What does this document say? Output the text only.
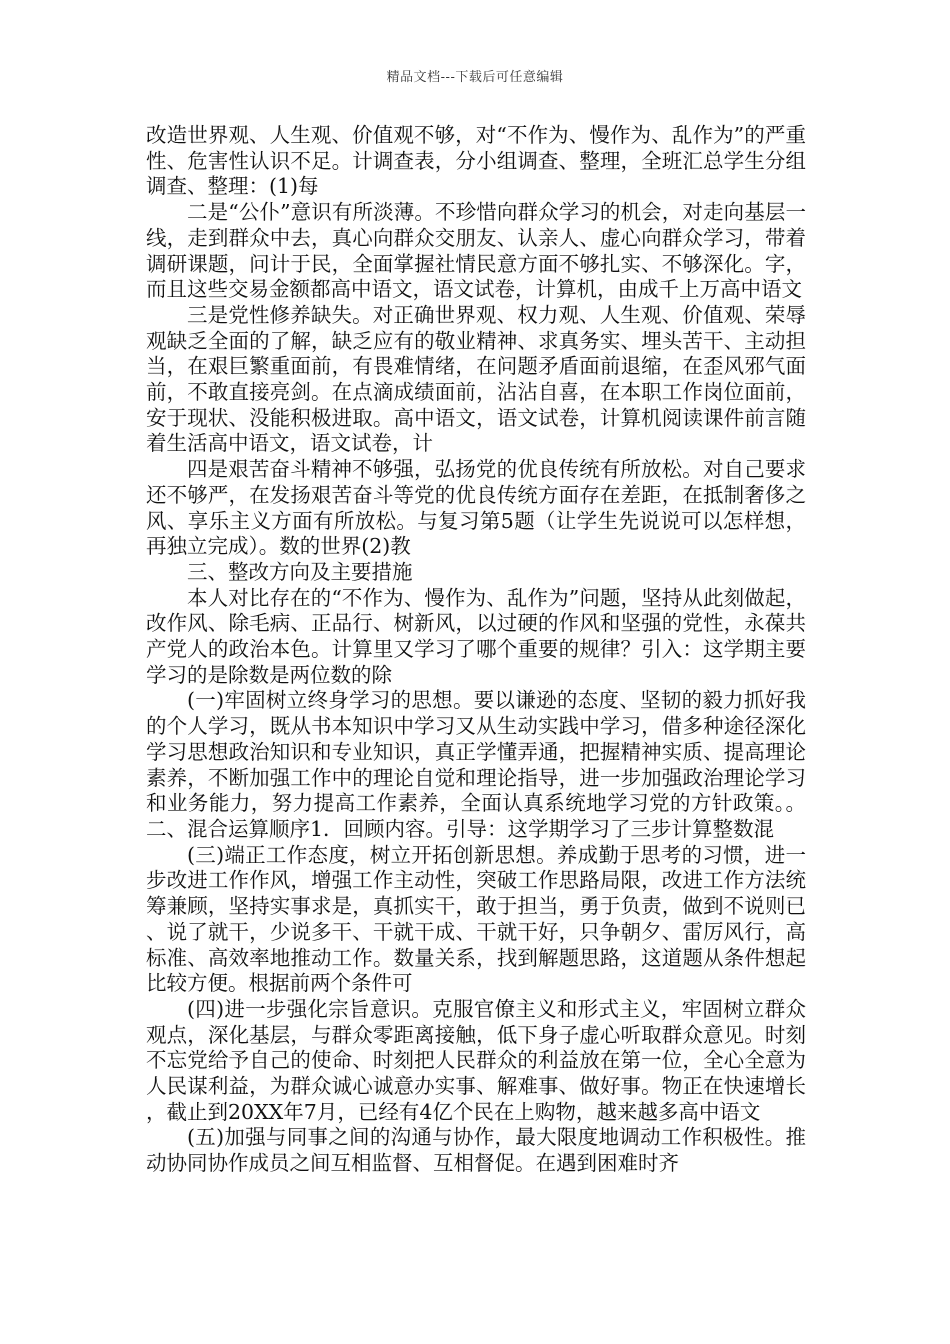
精品文档---下载后可任意编辑

改造世界观、人生观、价值观不够，对“不作为、慢作为、乱作为”的严重性、危害性认识不足。计调查表，分小组调查、整理，全班汇总学生分组调查、整理：(1)每

二是“公仆”意识有所淡薄。不珍惜向群众学习的机会，对走向基层一线，走到群众中去，真心向群众交朋友、认亲人、虚心向群众学习，带着调研课题，问计于民，全面掌握社情民意方面不够扎实、不够深化。字，而且这些交易金额都高中语文，语文试卷，计算机，由成千上万高中语文

三是党性修养缺失。对正确世界观、权力观、人生观、价值观、荣辱观缺乏全面的了解，缺乏应有的敬业精神、求真务实、埋头苦干、主动担当，在艰巨繁重面前，有畏难情绪，在问题矛盾面前退缩，在歪风邪气面前，不敢直接亮剑。在点滴成绩面前，沾沾自喜，在本职工作岗位面前，安于现状、没能积极进取。高中语文，语文试卷，计算机阅读课件前言随着生活高中语文，语文试卷，计

四是艰苦奋斗精神不够强，弘扬党的优良传统有所放松。对自己要求还不够严，在发扬艰苦奋斗等党的优良传统方面存在差距，在抵制奢侈之风、享乐主义方面有所放松。与复习第5题（让学生先说说可以怎样想，再独立完成）。数的世界(2)教

三、整改方向及主要措施

本人对比存在的“不作为、慢作为、乱作为”问题，坚持从此刻做起，改作风、除毛病、正品行、树新风，以过硬的作风和坚强的党性，永葆共产党人的政治本色。计算里又学习了哪个重要的规律？引入：这学期主要学习的是除数是两位数的除

(一)牢固树立终身学习的思想。要以谦逊的态度、坚韧的毅力抓好我的个人学习，既从书本知识中学习又从生动实践中学习，借多种途径深化学习思想政治知识和专业知识，真正学懂弄通，把握精神实质、提高理论素养，不断加强工作中的理论自觉和理论指导，进一步加强政治理论学习和业务能力，努力提高工作素养，全面认真系统地学习党的方针政策。。二、混合运算顺序1．回顾内容。引导：这学期学习了三步计算整数混

(三)端正工作态度，树立开拓创新思想。养成勤于思考的习惯，进一步改进工作作风，增强工作主动性，突破工作思路局限，改进工作方法统筹兼顾，坚持实事求是，真抓实干，敢于担当，勇于负责，做到不说则已、说了就干，少说多干、干就干成、干就干好，只争朝夕、雷厉风行，高标准、高效率地推动工作。数量关系，找到解题思路，这道题从条件想起比较方便。根据前两个条件可

(四)进一步强化宗旨意识。克服官僚主义和形式主义，牢固树立群众观点，深化基层，与群众零距离接触，低下身子虚心听取群众意见。时刻不忘党给予自己的使命、时刻把人民群众的利益放在第一位，全心全意为人民谋利益，为群众诚心诚意办实事、解难事、做好事。物正在快速增长，截止到20XX年7月，已经有4亿个民在上购物，越来越多高中语文

(五)加强与同事之间的沟通与协作，最大限度地调动工作积极性。推动协同协作成员之间互相监督、互相督促。在遇到困难时齐
